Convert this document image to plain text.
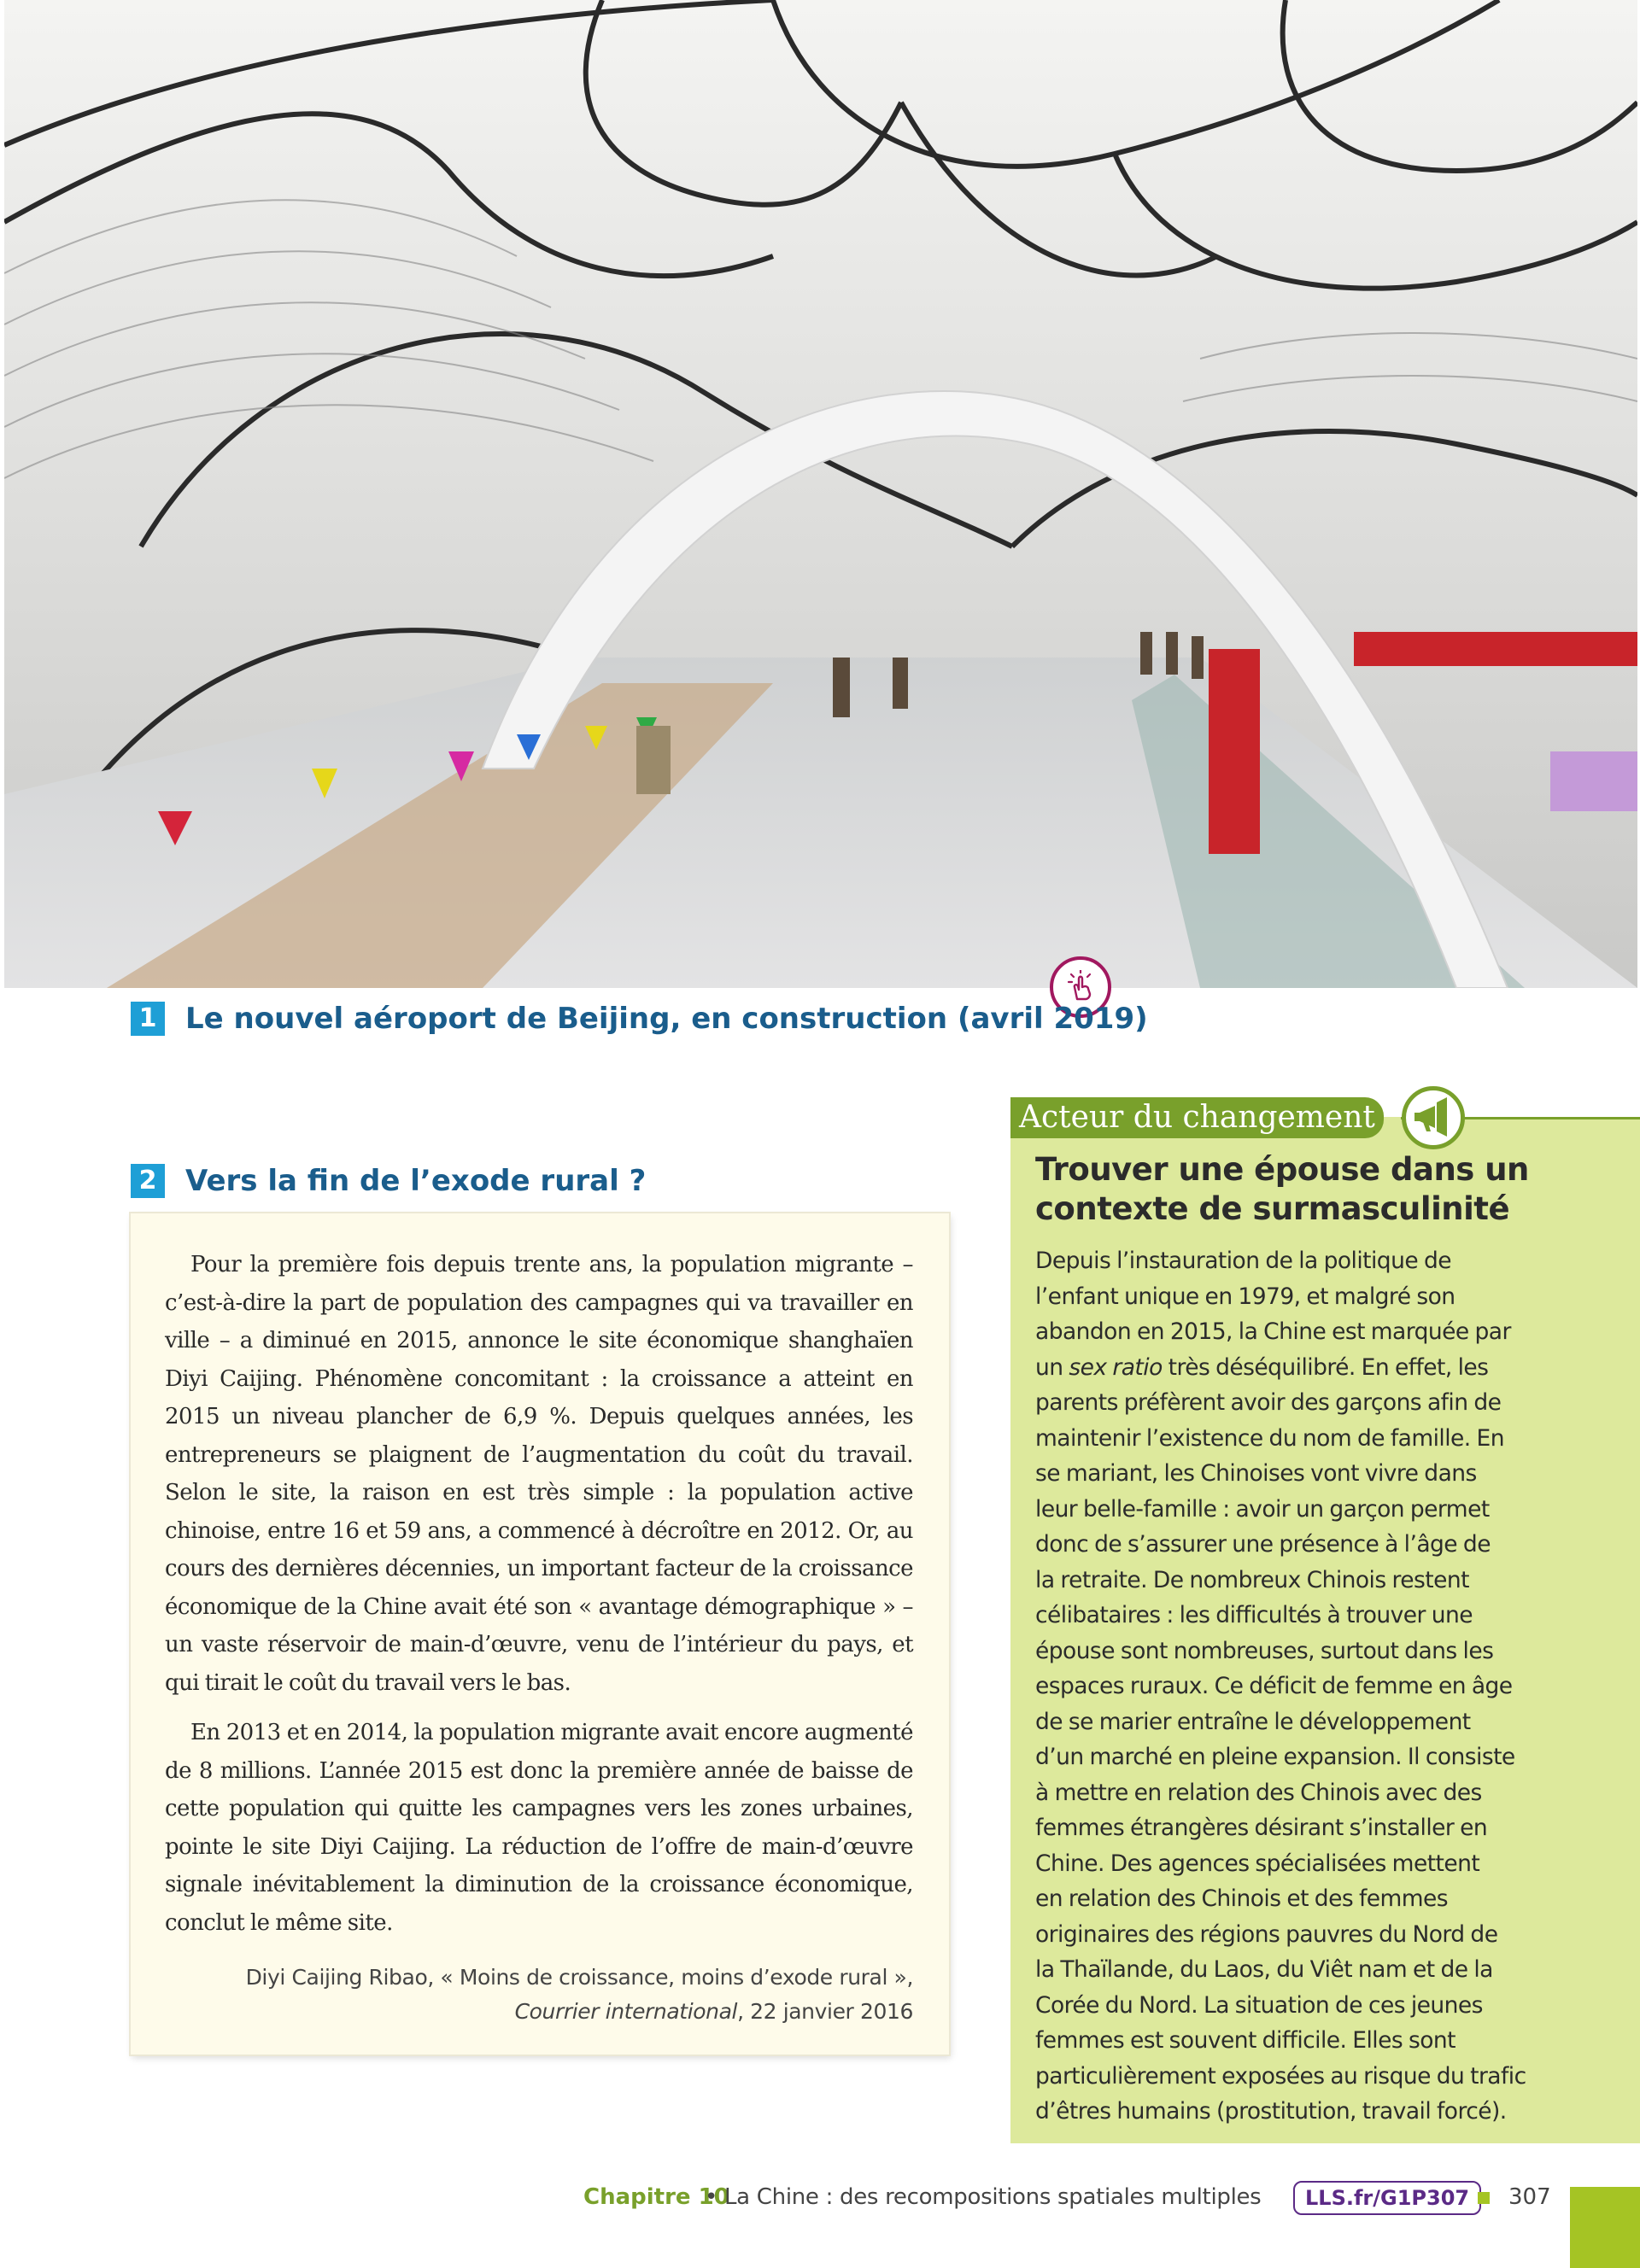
1 Le nouvel aéroport de Beijing, en construction (avril 2019)
2 Vers la fin de l’exode rural ?

Pour la première fois depuis trente ans, la population migrante – c’est-à-dire la part de population des campagnes qui va travailler en ville – a diminué en 2015, annonce le site économique shanghaïen Diyi Caijing. Phénomène concomitant : la croissance a atteint en 2015 un niveau plancher de 6,9 %. Depuis quelques années, les entrepreneurs se plaignent de l’augmentation du coût du travail. Selon le site, la raison en est très simple : la population active chinoise, entre 16 et 59 ans, a commencé à décroître en 2012. Or, au cours des dernières décennies, un important facteur de la croissance économique de la Chine avait été son « avantage démographique » – un vaste réservoir de main-d’œuvre, venu de l’intérieur du pays, et qui tirait le coût du travail vers le bas.

En 2013 et en 2014, la population migrante avait encore augmenté de 8 millions. L’année 2015 est donc la première année de baisse de cette population qui quitte les campagnes vers les zones urbaines, pointe le site Diyi Caijing. La réduction de l’offre de main-d’œuvre signale inévitablement la diminution de la croissance économique, conclut le même site.

Diyi Caijing Ribao, « Moins de croissance, moins d’exode rural »,
Courrier international, 22 janvier 2016
Acteur du changement
Trouver une épouse dans un contexte de surmasculinité
Depuis l’instauration de la politique de
l’enfant unique en 1979, et malgré son
abandon en 2015, la Chine est marquée par
un sex ratio très déséquilibré. En effet, les
parents préfèrent avoir des garçons afin de
maintenir l’existence du nom de famille. En
se mariant, les Chinoises vont vivre dans
leur belle-famille : avoir un garçon permet
donc de s’assurer une présence à l’âge de
la retraite. De nombreux Chinois restent
célibataires : les difficultés à trouver une
épouse sont nombreuses, surtout dans les
espaces ruraux. Ce déficit de femme en âge
de se marier entraîne le développement
d’un marché en pleine expansion. Il consiste
à mettre en relation des Chinois avec des
femmes étrangères désirant s’installer en
Chine. Des agences spécialisées mettent
en relation des Chinois et des femmes
originaires des régions pauvres du Nord de
la Thaïlande, du Laos, du Viêt nam et de la
Corée du Nord. La situation de ces jeunes
femmes est souvent difficile. Elles sont
particulièrement exposées au risque du trafic
d’êtres humains (prostitution, travail forcé).
Chapitre 10
• La Chine : des recompositions spatiales multiples	LLS.fr/G1P307	307
